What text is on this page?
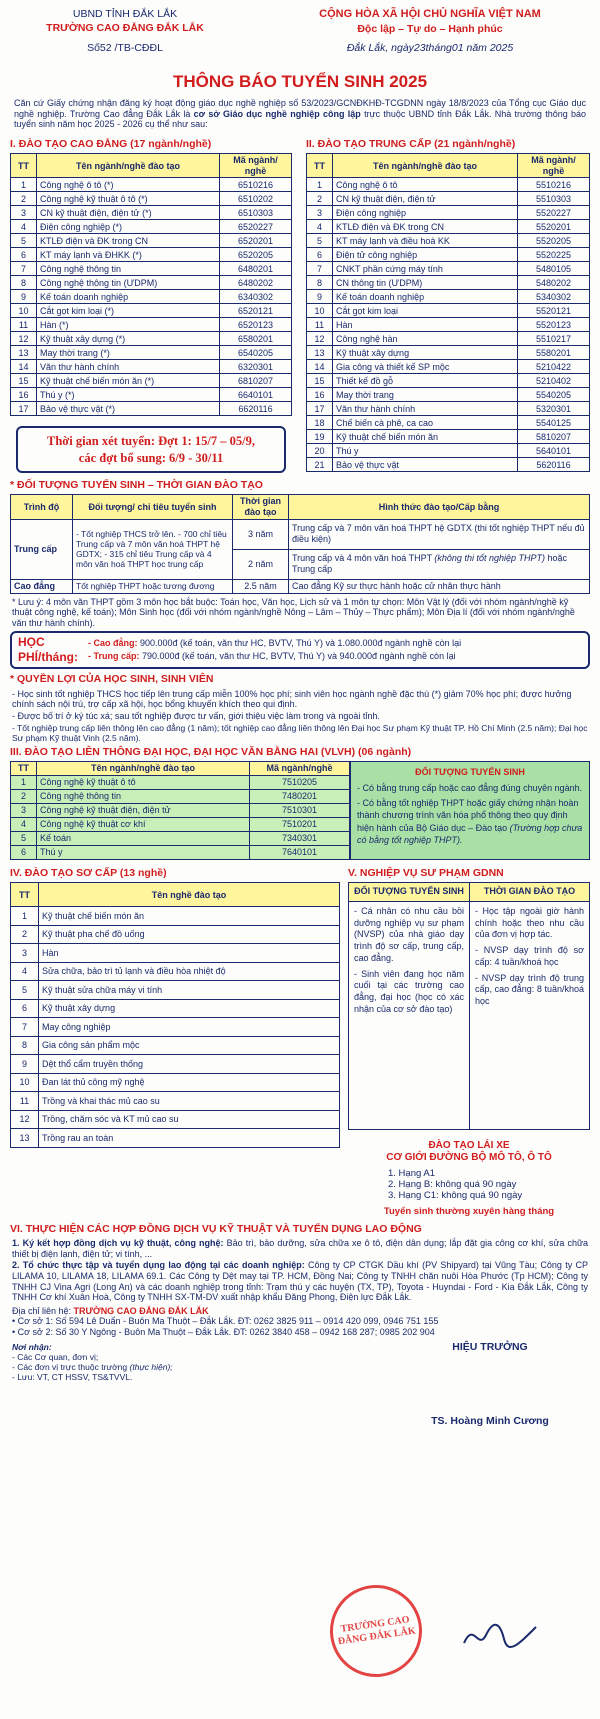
UBND TỈNH ĐẮK LẮK
TRƯỜNG CAO ĐẲNG ĐẮK LẮK
Số52 /TB-CĐĐL
CỘNG HÒA XÃ HỘI CHỦ NGHĨA VIỆT NAM
Độc lập – Tự do – Hạnh phúc
Đắk Lắk, ngày23tháng01 năm 2025
THÔNG BÁO TUYỂN SINH 2025
Căn cứ Giấy chứng nhận đăng ký hoạt động giáo dục nghề nghiệp số 53/2023/GCNĐKHĐ-TCGDNN ngày 18/8/2023 của Tổng cục Giáo dục nghề nghiệp. Trường Cao đẳng Đắk Lắk là cơ sở Giáo dục nghề nghiệp công lập trực thuộc UBND tỉnh Đắk Lắk. Nhà trường thông báo tuyển sinh năm học 2025 - 2026 cụ thể như sau:
I. ĐÀO TẠO CAO ĐẲNG (17 ngành/nghề)
TT	Tên ngành/nghề đào tạo	Mã ngành/ nghề
1	Công nghệ ô tô (*)	6510216
2	Công nghệ kỹ thuật ô tô (*)	6510202
3	CN kỹ thuật điện, điện tử (*)	6510303
4	Điện công nghiệp (*)	6520227
5	KTLĐ điện và ĐK trong CN	6520201
6	KT máy lạnh và ĐHKK (*)	6520205
7	Công nghệ thông tin	6480201
8	Công nghệ thông tin (ƯDPM)	6480202
9	Kế toán doanh nghiệp	6340302
10	Cắt gọt kim loại (*)	6520121
11	Hàn (*)	6520123
12	Kỹ thuật xây dựng (*)	6580201
13	May thời trang (*)	6540205
14	Văn thư hành chính	6320301
15	Kỹ thuật chế biến món ăn (*)	6810207
16	Thú y (*)	6640101
17	Bảo vệ thực vật (*)	6620116
Thời gian xét tuyển: Đợt 1: 15/7 – 05/9,
các đợt bổ sung: 6/9 - 30/11
II. ĐÀO TẠO TRUNG CẤP (21 ngành/nghề)
TT	Tên ngành/nghề đào tạo	Mã ngành/ nghề
1	Công nghệ ô tô	5510216
2	CN kỹ thuật điện, điện tử	5510303
3	Điện công nghiệp	5520227
4	KTLĐ điện và ĐK trong CN	5520201
5	KT máy lạnh và điều hoà KK	5520205
6	Điện tử công nghiệp	5520225
7	CNKT phần cứng máy tính	5480105
8	CN thông tin (ƯDPM)	5480202
9	Kế toán doanh nghiệp	5340302
10	Cắt gọt kim loại	5520121
11	Hàn	5520123
12	Công nghệ hàn	5510217
13	Kỹ thuật xây dựng	5580201
14	Gia công và thiết kế SP mộc	5210422
15	Thiết kế đồ gỗ	5210402
16	May thời trang	5540205
17	Văn thư hành chính	5320301
18	Chế biến cà phê, ca cao	5540125
19	Kỹ thuật chế biến món ăn	5810207
20	Thú y	5640101
21	Bảo vệ thực vật	5620116
* ĐỐI TƯỢNG TUYỂN SINH – THỜI GIAN ĐÀO TẠO
Trình độ	Đối tượng/ chỉ tiêu tuyển sinh	Thời gian đào tạo	Hình thức đào tạo/Cấp bằng
Trung cấp	- Tốt nghiệp THCS trở lên. - 700 chỉ tiêu Trung cấp và 7 môn văn hoá THPT hệ GDTX; - 315 chỉ tiêu Trung cấp và 4 môn văn hoá THPT học trung cấp	3 năm	Trung cấp và 7 môn văn hoá THPT hệ GDTX (thi tốt nghiệp THPT nếu đủ điều kiện)
		2 năm	Trung cấp và 4 môn văn hoá THPT (không thi tốt nghiệp THPT) hoặc Trung cấp
Cao đẳng	Tốt nghiệp THPT hoặc tương đương	2.5 năm	Cao đẳng Kỹ sư thực hành hoặc cử nhân thực hành
* Lưu ý: 4 môn văn THPT gồm 3 môn học bắt buộc: Toán học, Văn học, Lịch sử và 1 môn tự chọn: Môn Vật lý (đối với nhóm ngành/nghề kỹ thuật công nghệ, kế toán); Môn Sinh học (đối với nhóm ngành/nghề Nông – Lâm – Thủy – Thực phẩm); Môn Địa lí (đối với nhóm ngành/nghề văn thư hành chính).
HỌC PHÍ/tháng:
- Cao đẳng: 900.000đ (kế toán, văn thư HC, BVTV, Thú Y) và 1.080.000đ ngành nghề còn lại
- Trung cấp: 790.000đ (kế toán, văn thư HC, BVTV, Thú Y) và 940.000đ ngành nghề còn lại
* QUYỀN LỢI CỦA HỌC SINH, SINH VIÊN
- Học sinh tốt nghiệp THCS học tiếp lên trung cấp miễn 100% học phí; sinh viên học ngành nghề đặc thù (*) giảm 70% học phí; được hưởng chính sách nội trú, trợ cấp xã hội, học bổng khuyến khích theo qui định.
- Được bố trí ở ký túc xá; sau tốt nghiệp được tư vấn, giới thiệu việc làm trong và ngoài tỉnh.
- Tốt nghiệp trung cấp liên thông lên cao đẳng (1 năm); tốt nghiệp cao đẳng liên thông lên Đại học Sư phạm Kỹ thuật TP. Hồ Chí Minh (2.5 năm); Đại học Sư phạm Kỹ thuật Vinh (2.5 năm).
III. ĐÀO TẠO LIÊN THÔNG ĐẠI HỌC, ĐẠI HỌC VĂN BẰNG HAI (VLVH) (06 ngành)
TT	Tên ngành/nghề đào tạo	Mã ngành/nghề
1	Công nghệ kỹ thuật ô tô	7510205
2	Công nghệ thông tin	7480201
3	Công nghệ kỹ thuật điện, điện tử	7510301
4	Công nghệ kỹ thuật cơ khí	7510201
5	Kế toán	7340301
6	Thú y	7640101
ĐỐI TƯỢNG TUYỂN SINH
- Có bằng trung cấp hoặc cao đẳng đúng chuyên ngành.
- Có bằng tốt nghiệp THPT hoặc giấy chứng nhận hoàn thành chương trình văn hóa phổ thông theo quy định hiện hành của Bộ Giáo dục – Đào tạo (Trường hợp chưa có bằng tốt nghiệp THPT).
IV. ĐÀO TẠO SƠ CẤP (13 nghề)
TT	Tên nghề đào tạo
1	Kỹ thuật chế biến món ăn
2	Kỹ thuật pha chế đồ uống
3	Hàn
4	Sửa chữa, bảo trì tủ lạnh và điều hòa nhiệt độ
5	Kỹ thuật sửa chữa máy vi tính
6	Kỹ thuật xây dựng
7	May công nghiệp
8	Gia công sản phẩm mộc
9	Dệt thổ cẩm truyền thống
10	Đan lát thủ công mỹ nghệ
11	Trồng và khai thác mủ cao su
12	Trồng, chăm sóc và KT mủ cao su
13	Trồng rau an toàn
V. NGHIỆP VỤ SƯ PHẠM GDNN
ĐỐI TƯỢNG TUYỂN SINH
- Cá nhân có nhu cầu bồi dưỡng nghiệp vụ sư phạm (NVSP) của nhà giáo dạy trình độ sơ cấp, trung cấp, cao đẳng.
- Sinh viên đang học năm cuối tại các trường cao đẳng, đại học (học có xác nhận của cơ sở đào tạo)
THỜI GIAN ĐÀO TẠO
- Học tập ngoài giờ hành chính hoặc theo nhu cầu của đơn vị hợp tác.
- NVSP dạy trình độ sơ cấp: 4 tuần/khoá học
- NVSP dạy trình độ trung cấp, cao đẳng: 8 tuần/khoá học
ĐÀO TẠO LÁI XE
CƠ GIỚI ĐƯỜNG BỘ MÔ TÔ, Ô TÔ
1. Hạng A1
2. Hạng B: không quá 90 ngày
3. Hạng C1: không quá 90 ngày
Tuyển sinh thường xuyên hàng tháng
VI. THỰC HIỆN CÁC HỢP ĐỒNG DỊCH VỤ KỸ THUẬT VÀ TUYỂN DỤNG LAO ĐỘNG
1. Ký kết hợp đồng dịch vụ kỹ thuật, công nghệ: Bảo trì, bảo dưỡng, sửa chữa xe ô tô, điện dân dụng; lắp đặt gia công cơ khí, sửa chữa thiết bị điện lạnh, điện tử; vi tính, ...
2. Tổ chức thực tập và tuyển dụng lao động tại các doanh nghiệp: Công ty CP CTGK Dầu khí (PV Shipyard) tại Vũng Tàu; Công ty CP LILAMA 10, LILAMA 18, LILAMA 69.1. Các Công ty Dệt may tại TP. HCM, Đồng Nai; Công ty TNHH chăn nuôi Hòa Phước (Tp HCM); Công ty TNHH CJ Vina Agri (Long An) và các doanh nghiệp trong tỉnh: Trạm thú y các huyện (TX, TP), Toyota - Huyndai - Ford - Kia Đắk Lắk, Công ty TNHH Cơ khí Xuân Hoà, Công ty TNHH SX-TM-DV xuất nhập khẩu Đăng Phong, Điện lực Đắk Lắk.
Địa chỉ liên hệ: TRƯỜNG CAO ĐẲNG ĐẮK LẮK
• Cơ sở 1: Số 594 Lê Duẩn - Buôn Ma Thuột – Đắk Lắk. ĐT: 0262 3825 911 – 0914 420 099, 0946 751 155
• Cơ sở 2: Số 30 Y Ngông - Buôn Ma Thuột – Đắk Lắk. ĐT: 0262 3840 458 – 0942 168 287; 0985 202 904
Nơi nhận:
- Các Cơ quan, đơn vị;
- Các đơn vị trực thuộc trường (thực hiện);
- Lưu: VT, CT HSSV, TS&TVVL.
HIỆU TRƯỞNG
TS. Hoàng Minh Cương
TRƯỜNG CAO ĐẲNG ĐẮK LẮK
